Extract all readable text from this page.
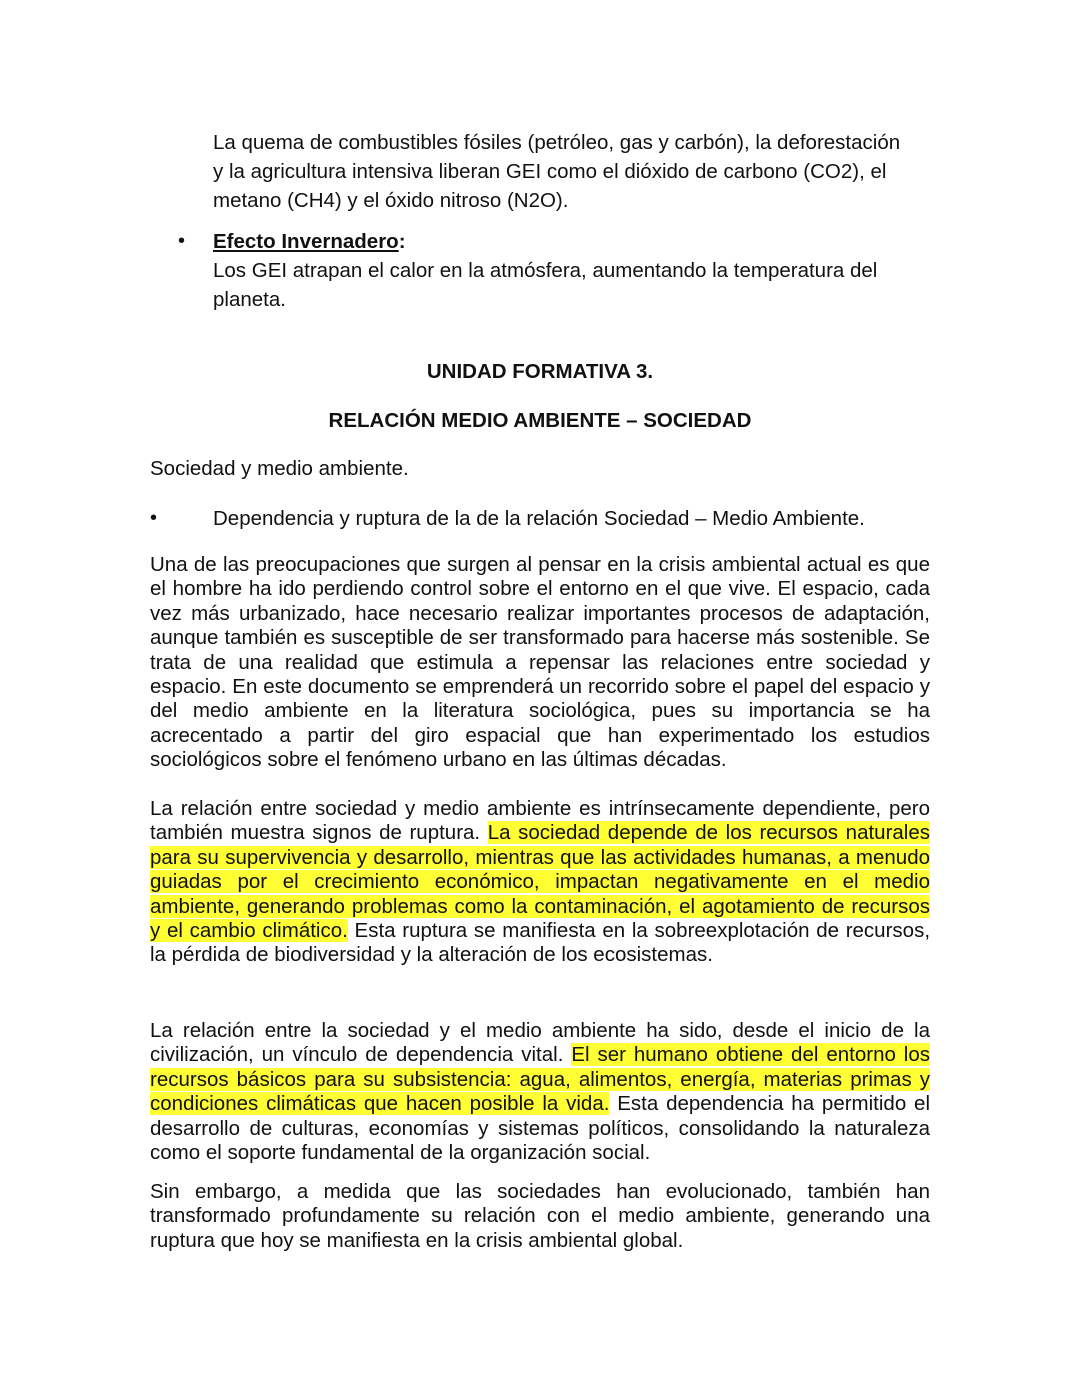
La quema de combustibles fósiles (petróleo, gas y carbón), la deforestación y la agricultura intensiva liberan GEI como el dióxido de carbono (CO2), el metano (CH4) y el óxido nitroso (N2O).

• Efecto Invernadero:
Los GEI atrapan el calor en la atmósfera, aumentando la temperatura del planeta.
UNIDAD FORMATIVA 3.
RELACIÓN MEDIO AMBIENTE – SOCIEDAD
Sociedad y medio ambiente.
•	Dependencia y ruptura de la de la relación Sociedad – Medio Ambiente.

Una de las preocupaciones que surgen al pensar en la crisis ambiental actual es que el hombre ha ido perdiendo control sobre el entorno en el que vive. El espacio, cada vez más urbanizado, hace necesario realizar importantes procesos de adaptación, aunque también es susceptible de ser transformado para hacerse más sostenible. Se trata de una realidad que estimula a repensar las relaciones entre sociedad y espacio. En este documento se emprenderá un recorrido sobre el papel del espacio y del medio ambiente en la literatura sociológica, pues su importancia se ha acrecentado a partir del giro espacial que han experimentado los estudios sociológicos sobre el fenómeno urbano en las últimas décadas.

La relación entre sociedad y medio ambiente es intrínsecamente dependiente, pero también muestra signos de ruptura. La sociedad depende de los recursos naturales para su supervivencia y desarrollo, mientras que las actividades humanas, a menudo guiadas por el crecimiento económico, impactan negativamente en el medio ambiente, generando problemas como la contaminación, el agotamiento de recursos y el cambio climático. Esta ruptura se manifiesta en la sobreexplotación de recursos, la pérdida de biodiversidad y la alteración de los ecosistemas.

La relación entre la sociedad y el medio ambiente ha sido, desde el inicio de la civilización, un vínculo de dependencia vital. El ser humano obtiene del entorno los recursos básicos para su subsistencia: agua, alimentos, energía, materias primas y condiciones climáticas que hacen posible la vida. Esta dependencia ha permitido el desarrollo de culturas, economías y sistemas políticos, consolidando la naturaleza como el soporte fundamental de la organización social.

Sin embargo, a medida que las sociedades han evolucionado, también han transformado profundamente su relación con el medio ambiente, generando una ruptura que hoy se manifiesta en la crisis ambiental global.
